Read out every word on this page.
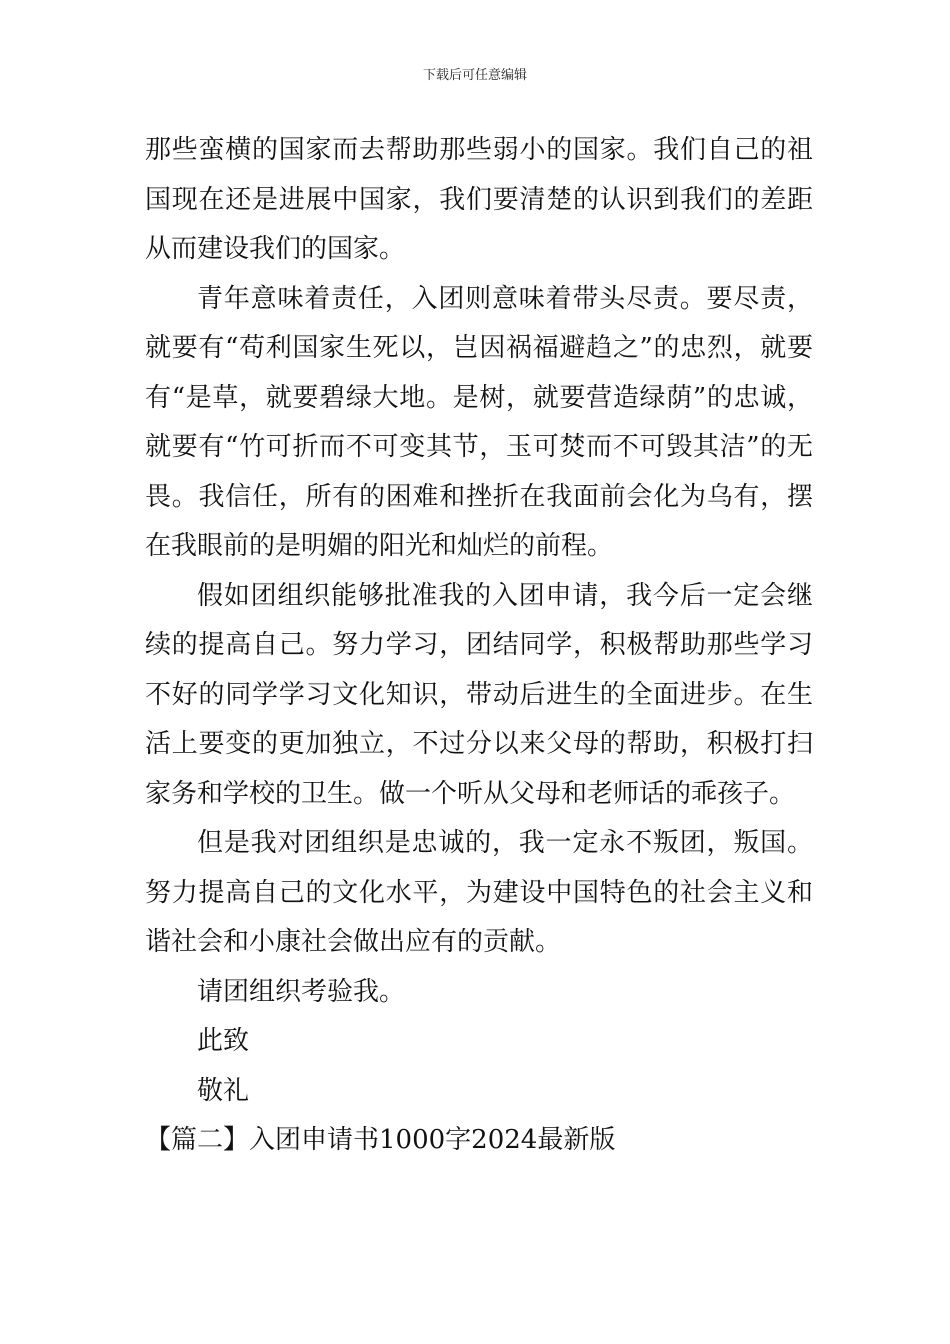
下载后可任意编辑

那些蛮横的国家而去帮助那些弱小的国家。我们自己的祖国现在还是进展中国家，我们要清楚的认识到我们的差距从而建设我们的国家。

青年意味着责任，入团则意味着带头尽责。要尽责，就要有“苟利国家生死以，岂因祸福避趋之”的忠烈，就要有“是草，就要碧绿大地。是树，就要营造绿荫”的忠诚，就要有“竹可折而不可变其节，玉可焚而不可毁其洁”的无畏。我信任，所有的困难和挫折在我面前会化为乌有，摆在我眼前的是明媚的阳光和灿烂的前程。

假如团组织能够批准我的入团申请，我今后一定会继续的提高自己。努力学习，团结同学，积极帮助那些学习不好的同学学习文化知识，带动后进生的全面进步。在生活上要变的更加独立，不过分以来父母的帮助，积极打扫家务和学校的卫生。做一个听从父母和老师话的乖孩子。

但是我对团组织是忠诚的，我一定永不叛团，叛国。努力提高自己的文化水平，为建设中国特色的社会主义和谐社会和小康社会做出应有的贡献。

请团组织考验我。

此致

敬礼

【篇二】入团申请书1000字2024最新版
